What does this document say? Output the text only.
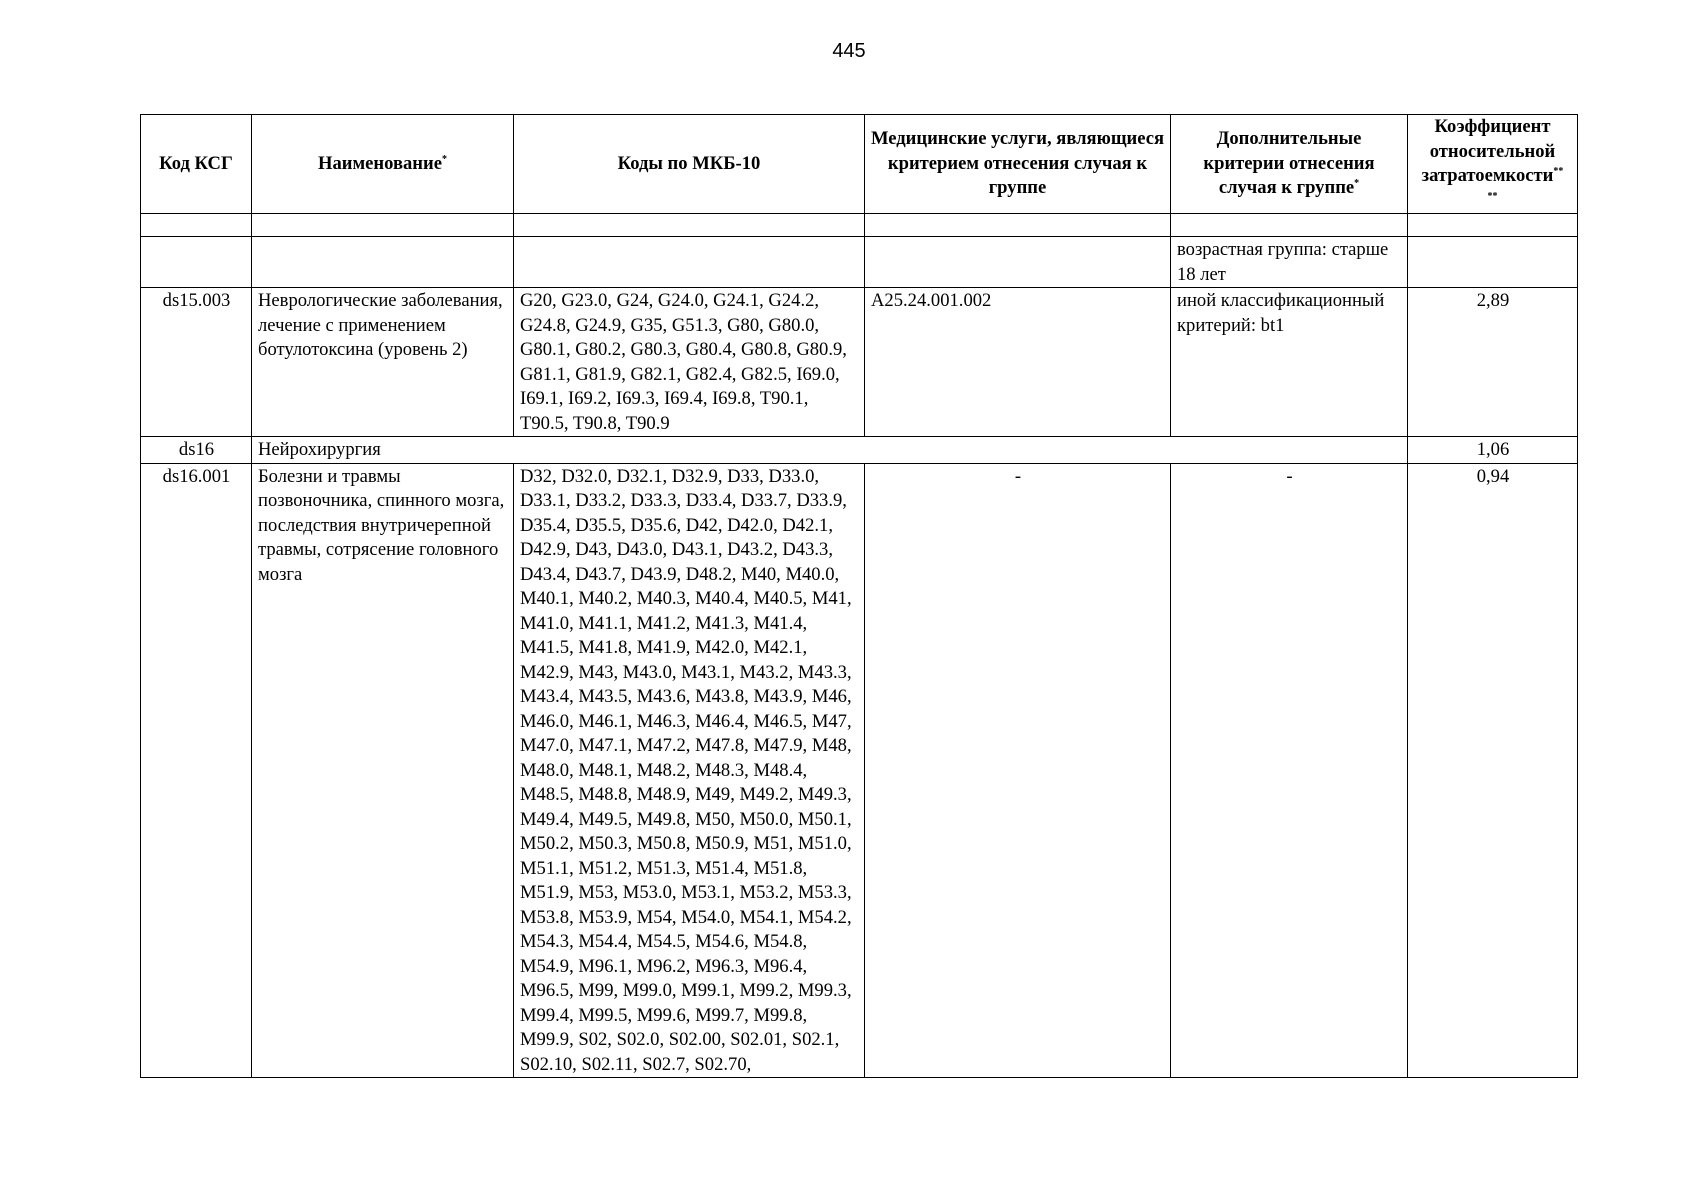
445
Код КСГ	Наименование*	Коды по МКБ-10	Медицинские услуги, являющиеся критерием отнесения случая к группе	Дополнительные критерии отнесения случая к группе*	Коэффициент относительной затратоемкости**
**

				возрастная группа: старше 18 лет	
ds15.003	Неврологические заболевания, лечение с применением ботулотоксина (уровень 2)	G20, G23.0, G24, G24.0, G24.1, G24.2, G24.8, G24.9, G35, G51.3, G80, G80.0, G80.1, G80.2, G80.3, G80.4, G80.8, G80.9, G81.1, G81.9, G82.1, G82.4, G82.5, I69.0, I69.1, I69.2, I69.3, I69.4, I69.8, T90.1, T90.5, T90.8, T90.9	A25.24.001.002	иной классификационный критерий: bt1	2,89
ds16	Нейрохирургия				1,06
ds16.001	Болезни и травмы позвоночника, спинного мозга, последствия внутричерепной травмы, сотрясение головного мозга	D32, D32.0, D32.1, D32.9, D33, D33.0, D33.1, D33.2, D33.3, D33.4, D33.7, D33.9, D35.4, D35.5, D35.6, D42, D42.0, D42.1, D42.9, D43, D43.0, D43.1, D43.2, D43.3, D43.4, D43.7, D43.9, D48.2, M40, M40.0, M40.1, M40.2, M40.3, M40.4, M40.5, M41, M41.0, M41.1, M41.2, M41.3, M41.4, M41.5, M41.8, M41.9, M42.0, M42.1, M42.9, M43, M43.0, M43.1, M43.2, M43.3, M43.4, M43.5, M43.6, M43.8, M43.9, M46, M46.0, M46.1, M46.3, M46.4, M46.5, M47, M47.0, M47.1, M47.2, M47.8, M47.9, M48, M48.0, M48.1, M48.2, M48.3, M48.4, M48.5, M48.8, M48.9, M49, M49.2, M49.3, M49.4, M49.5, M49.8, M50, M50.0, M50.1, M50.2, M50.3, M50.8, M50.9, M51, M51.0, M51.1, M51.2, M51.3, M51.4, M51.8, M51.9, M53, M53.0, M53.1, M53.2, M53.3, M53.8, M53.9, M54, M54.0, M54.1, M54.2, M54.3, M54.4, M54.5, M54.6, M54.8, M54.9, M96.1, M96.2, M96.3, M96.4, M96.5, M99, M99.0, M99.1, M99.2, M99.3, M99.4, M99.5, M99.6, M99.7, M99.8, M99.9, S02, S02.0, S02.00, S02.01, S02.1, S02.10, S02.11, S02.7, S02.70,	-	-	0,94
